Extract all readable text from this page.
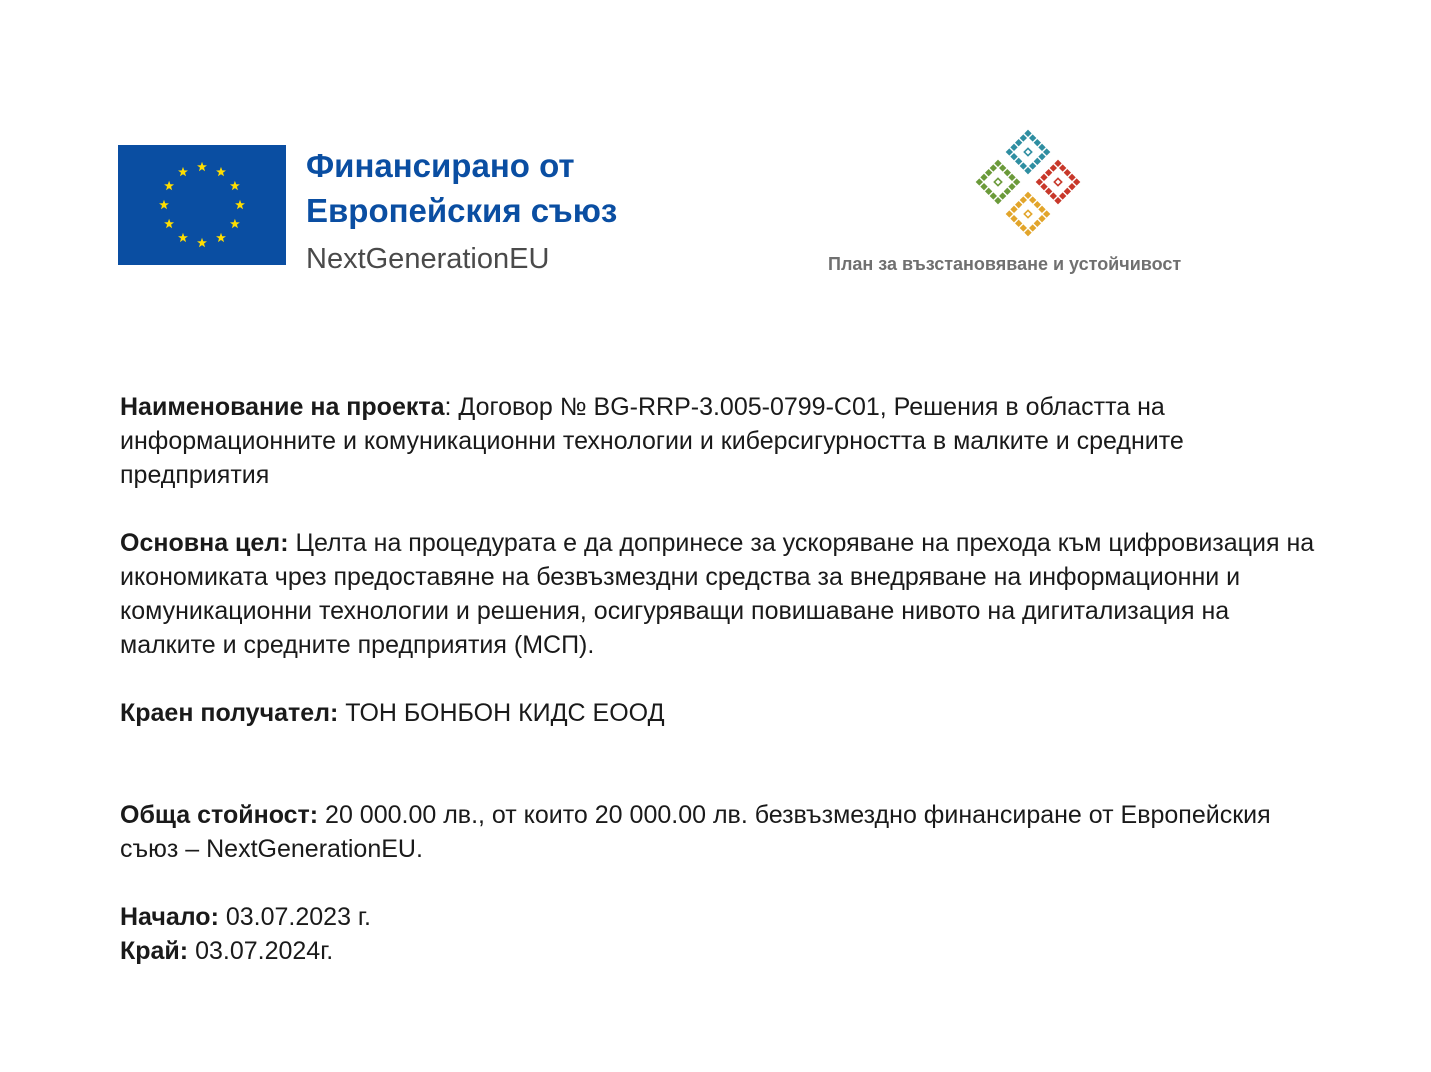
Финансирано от
Европейския съюз
NextGenerationEU	План за възстановяване и устойчивост

Наименование на проекта: Договор № BG-RRP-3.005-0799-C01, Решения в областта на информационните и комуникационни технологии и киберсигурността в малките и средните предприятия

Основна цел: Целта на процедурата е да допринесе за ускоряване на прехода към цифровизация на икономиката чрез предоставяне на безвъзмездни средства за внедряване на информационни и комуникационни технологии и решения, осигуряващи повишаване нивото на дигитализация на малките и средните предприятия (МСП).

Краен получател: ТОН БОНБОН КИДС ЕООД

Обща стойност: 20 000.00 лв., от които 20 000.00 лв. безвъзмездно финансиране от Европейския съюз – NextGenerationEU.

Начало: 03.07.2023 г.

Край: 03.07.2024г.
